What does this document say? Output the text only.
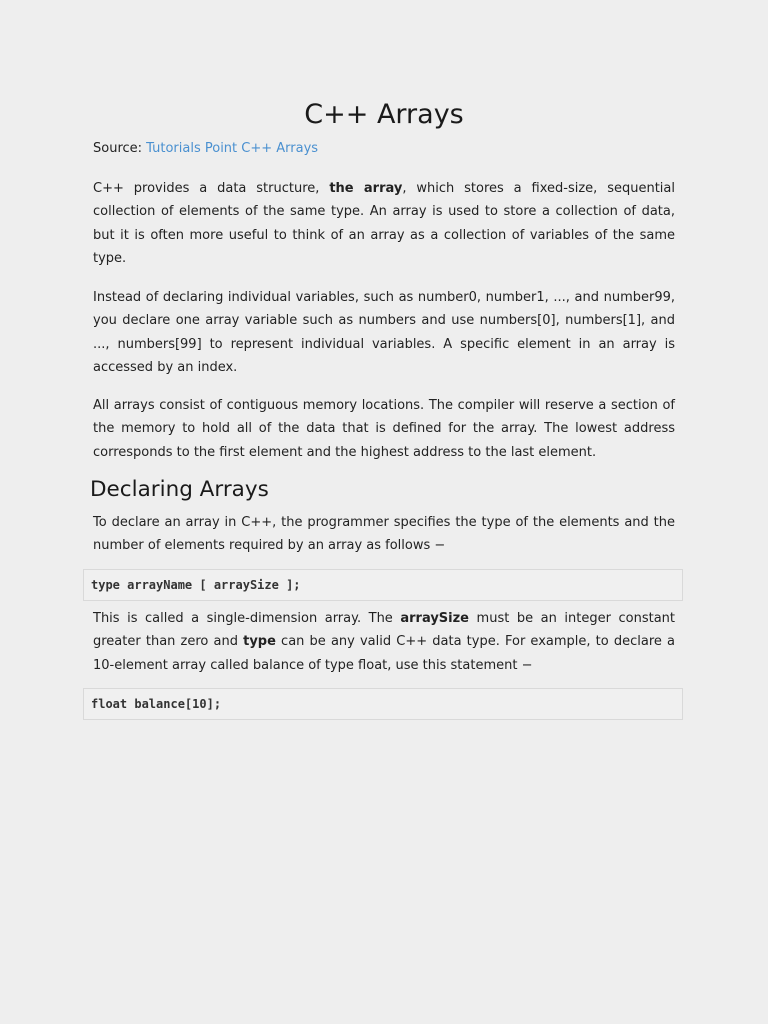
C++ Arrays
Source: Tutorials Point C++ Arrays

C++ provides a data structure, the array, which stores a fixed-size, sequential collection of elements of the same type. An array is used to store a collection of data, but it is often more useful to think of an array as a collection of variables of the same type.

Instead of declaring individual variables, such as number0, number1, ..., and number99, you declare one array variable such as numbers and use numbers[0], numbers[1], and ..., numbers[99] to represent individual variables. A specific element in an array is accessed by an index.

All arrays consist of contiguous memory locations. The compiler will reserve a section of the memory to hold all of the data that is defined for the array. The lowest address corresponds to the first element and the highest address to the last element.

Declaring Arrays

To declare an array in C++, the programmer specifies the type of the elements and the number of elements required by an array as follows −

type arrayName [ arraySize ];

This is called a single-dimension array. The arraySize must be an integer constant greater than zero and type can be any valid C++ data type. For example, to declare a 10-element array called balance of type float, use this statement −

float balance[10];
